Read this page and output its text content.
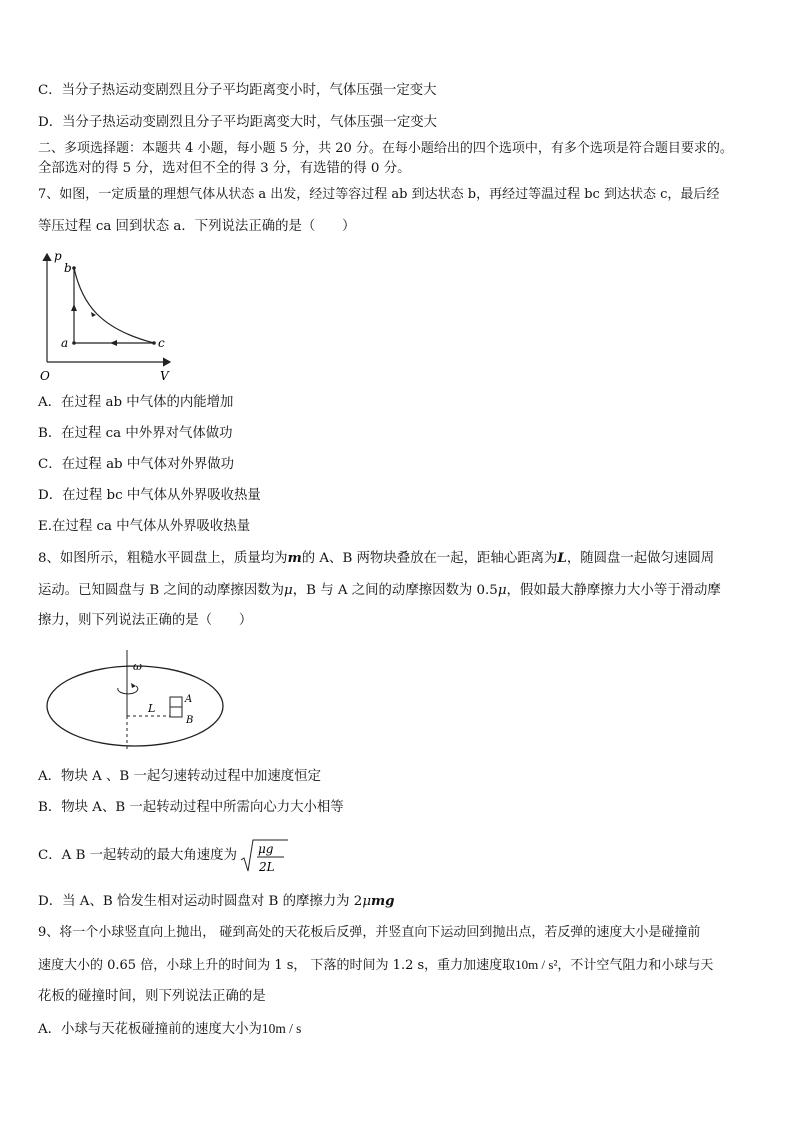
C．当分子热运动变剧烈且分子平均距离变小时，气体压强一定变大
D．当分子热运动变剧烈且分子平均距离变大时，气体压强一定变大
二、多项选择题：本题共 4 小题，每小题 5 分，共 20 分。在每小题给出的四个选项中，有多个选项是符合题目要求的。
全部选对的得 5 分，选对但不全的得 3 分，有选错的得 0 分。
7、如图，一定质量的理想气体从状态 a 出发，经过等容过程 ab 到达状态 b，再经过等温过程 bc 到达状态 c，最后经
等压过程 ca 回到状态 a．下列说法正确的是（　　）
p
V
O
a
b
c
A．在过程 ab 中气体的内能增加
B．在过程 ca 中外界对气体做功
C．在过程 ab 中气体对外界做功
D．在过程 bc 中气体从外界吸收热量
E.在过程 ca 中气体从外界吸收热量
8、如图所示，粗糙水平圆盘上，质量均为m的 A、B 两物块叠放在一起，距轴心距离为L，随圆盘一起做匀速圆周
运动。已知圆盘与 B 之间的动摩擦因数为μ，B 与 A 之间的动摩擦因数为 0.5μ，假如最大静摩擦力大小等于滑动摩
擦力，则下列说法正确的是（　　）
ω
L
A
B
A．物块 A 、B 一起匀速转动过程中加速度恒定
B．物块 A、B 一起转动过程中所需向心力大小相等
C．A B 一起转动的最大角速度为 μg
2L
D．当 A、B 恰发生相对运动时圆盘对 B 的摩擦力为 2μmg
9、将一个小球竖直向上抛出， 碰到高处的天花板后反弹，并竖直向下运动回到抛出点，若反弹的速度大小是碰撞前
速度大小的 0.65 倍，小球上升的时间为 1 s， 下落的时间为 1.2 s，重力加速度取10m / s²，不计空气阻力和小球与天
花板的碰撞时间，则下列说法正确的是
A．小球与天花板碰撞前的速度大小为10m / s
